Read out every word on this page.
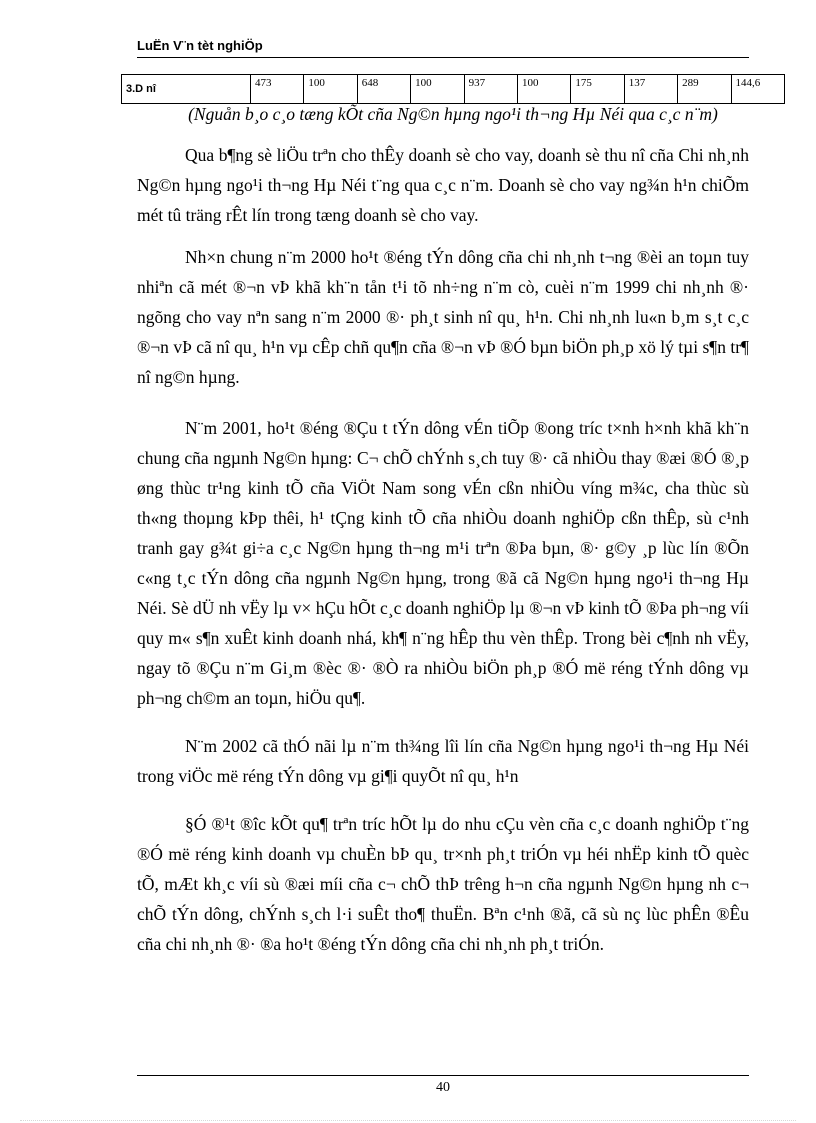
LuËn V¨n tèt nghiÖp
3.D nî	473	100	648	100	937	100	175	137	289	144,6
(Nguån b¸o c¸o tæng kÕt cña Ng©n hµng ngo¹i th¬ng Hµ Néi qua c¸c n¨m)

Qua b¶ng sè liÖu trªn cho thÊy doanh sè cho vay, doanh sè thu nî cña Chi nh¸nh Ng©n hµng ngo¹i th¬ng Hµ Néi t¨ng qua c¸c n¨m. Doanh sè cho vay ng¾n h¹n chiÕm mét tû träng rÊt lín trong tæng doanh sè cho vay.

Nh×n chung n¨m 2000 ho¹t ®éng tÝn dông cña chi nh¸nh t¬ng ®èi an toµn tuy nhiªn cã mét ®¬n vÞ khã kh¨n tån t¹i tõ nh÷ng n¨m cò, cuèi n¨m 1999 chi nh¸nh ®· ngõng cho vay nªn sang n¨m 2000 ®· ph¸t sinh nî qu¸ h¹n. Chi nh¸nh lu«n b¸m s¸t c¸c ®¬n vÞ cã nî qu¸ h¹n vµ cÊp chñ qu¶n cña ®¬n vÞ ®Ó bµn biÖn ph¸p xö lý tµi s¶n tr¶ nî ng©n hµng.

N¨m 2001, ho¹t ®éng ®Çu t tÝn dông vÉn tiÕp ®ong tríc t×nh h×nh khã kh¨n chung cña ngµnh Ng©n hµng: C¬ chÕ chÝnh s¸ch tuy ®· cã nhiÒu thay ®æi ®Ó ®¸p øng thùc tr¹ng kinh tÕ cña ViÖt Nam song vÉn cßn nhiÒu víng m¾c, cha thùc sù th«ng thoµng kÞp thêi, h¹ tÇng kinh tÕ cña nhiÒu doanh nghiÖp cßn thÊp, sù c¹nh tranh gay g¾t gi÷a c¸c Ng©n hµng th¬ng m¹i trªn ®Þa bµn, ®· g©y ¸p lùc lín ®Õn c«ng t¸c tÝn dông cña ngµnh Ng©n hµng, trong ®ã cã Ng©n hµng ngo¹i th¬ng Hµ Néi. Sè dÜ nh vËy lµ v× hÇu hÕt c¸c doanh nghiÖp lµ ®¬n vÞ kinh tÕ ®Þa ph¬ng víi quy m« s¶n xuÊt kinh doanh nhá, kh¶ n¨ng hÊp thu vèn thÊp. Trong bèi c¶nh nh vËy, ngay tõ ®Çu n¨m Gi¸m ®èc ®· ®Ò ra nhiÒu biÖn ph¸p ®Ó më réng tÝnh dông vµ ph¬ng ch©m an toµn, hiÖu qu¶.

N¨m 2002 cã thÓ nãi lµ n¨m th¾ng lîi lín cña Ng©n hµng ngo¹i th¬ng Hµ Néi trong viÖc më réng tÝn dông vµ gi¶i quyÕt nî qu¸ h¹n

§Ó ®¹t ®îc kÕt qu¶ trªn tríc hÕt lµ do nhu cÇu vèn cña c¸c doanh nghiÖp t¨ng ®Ó më réng kinh doanh vµ chuÈn bÞ qu¸ tr×nh ph¸t triÓn vµ héi nhËp kinh tÕ quèc tÕ, mÆt kh¸c víi sù ®æi míi cña c¬ chÕ thÞ trêng h¬n cña ngµnh Ng©n hµng nh c¬ chÕ tÝn dông, chÝnh s¸ch l·i suÊt tho¶ thuËn. Bªn c¹nh ®ã, cã sù nç lùc phÊn ®Êu cña chi nh¸nh ®· ®a ho¹t ®éng tÝn dông cña chi nh¸nh ph¸t triÓn.

40
